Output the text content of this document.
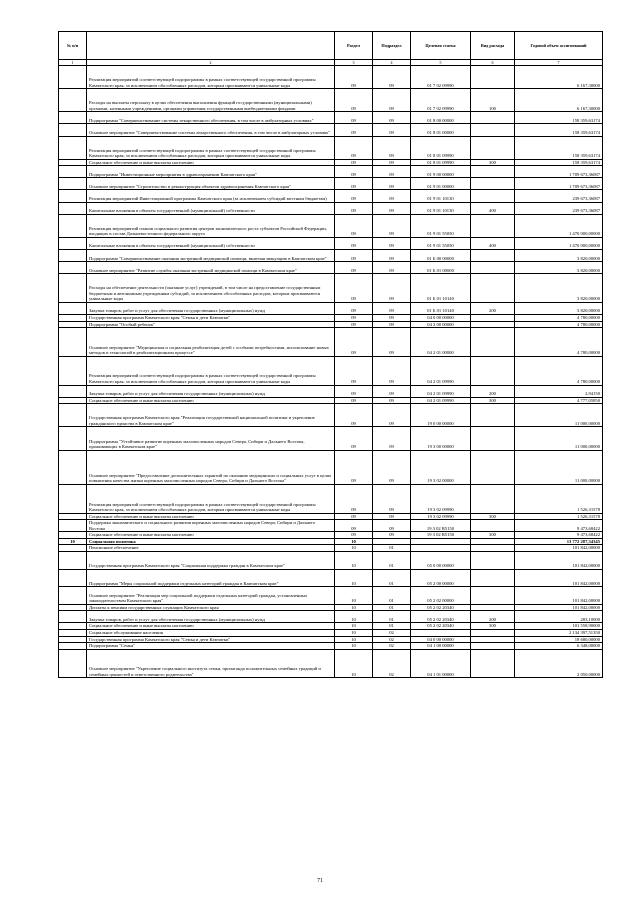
№ п/п		Раздел	Подраздел	Целевая статья	Вид расхода	Годовой объем ассигнований
1	2	3	4	5	6	7
	Реализация мероприятий соответствующей подпрограммы в рамках соответствующей государственной программы Камчатского края, за исключением обособленных расходов, которым присваиваются уникальные коды	09	09	01 7 02 09990		6 167,30000
	Расходы на выплаты персоналу в целях обеспечения выполнения функций государственными (муниципальными) органами, казенными учреждениями, органами управления государственными внебюджетными фондами	09	09	01 7 02 09990	100	6 167,30000
	Подпрограмма "Совершенствование системы лекарственного обеспечения, в том числе в амбулаторных условиях"	09	09	01 8 00 00000		158 359,63174
	Основное мероприятие "Совершенствование системы лекарственного обеспечения, в том числе в амбулаторных условиях"	09	09	01 8 01 00000		158 359,63174
	Реализация мероприятий соответствующей подпрограммы в рамках соответствующей государственной программы Камчатского края, за исключением обособленных расходов, которым присваиваются уникальные коды	09	09	01 8 01 09990		158 359,63174
	Социальное обеспечение и иные выплаты населению	09	09	01 8 01 09990	300	158 359,63174
	Подпрограмма "Инвестиционные мероприятия в здравоохранении Камчатского края"	09	09	01 9 00 00000		1 709 673,36087
	Основное мероприятие "Строительство и реконструкция объектов здравоохранения Камчатского края"	09	09	01 9 01 00000		1 709 673,36087
	Реализация мероприятий Инвестиционной программы Камчатского края (за исключением субсидий местным бюджетам)	09	09	01 9 01 10130		239 673,36087
	Капитальные вложения в объекты государственной (муниципальной) собственности	09	09	01 9 01 10130	400	239 673,36087
	Реализация мероприятий планов социального развития центров экономического роста субъектов Российской Федерации, входящих в состав Дальневосточного федерального округа	09	09	01 9 01 55050		1 470 000,00000
	Капитальные вложения в объекты государственной (муниципальной) собственности	09	09	01 9 01 55050	400	1 470 000,00000
	Подпрограмма "Совершенствование оказания экстренной медицинской помощи, включая эвакуацию в Камчатском крае"	09	09	01 Б 00 00000		3 820,00000
	Основное мероприятие "Развитие службы оказания экстренной медицинской помощи в Камчатском крае"	09	09	01 Б 01 00000		3 820,00000
	Расходы на обеспечение деятельности (оказание услуг) учреждений, в том числе на предоставление государственным бюджетным и автономным учреждениям субсидий, за исключением обособленных расходов, которым присваиваются уникальные коды	09	09	01 Б 01 10140		3 820,00000
	Закупка товаров, работ и услуг для обеспечения государственных (муниципальных) нужд	09	09	01 Б 01 10140	200	3 820,00000
	Государственная программа Камчатского края "Семья и дети Камчатки"	09	09	04 0 00 00000		4 780,00000
	Подпрограмма "Особый ребенок"	09	09	04 2 00 00000		4 780,00000
	Основное мероприятие "Медицинская и социальная реабилитация детей с особыми потребностями, использование новых методов и технологий в реабилитационном процессе"	09	09	04 2 01 00000		4 780,00000
	Реализация мероприятий соответствующей подпрограммы в рамках соответствующей государственной программы Камчатского края, за исключением обособленных расходов, которым присваиваются уникальные коды	09	09	04 2 01 09990		4 780,00000
	Закупка товаров, работ и услуг для обеспечения государственных (муниципальных) нужд	09	09	04 2 01 09990	200	2,94150
	Социальное обеспечение и иные выплаты населению	09	09	04 2 01 09990	300	4 777,05850
	Государственная программа Камчатского края "Реализация государственной национальной политики и укрепление гражданского единства в Камчатском крае"	09	09	19 0 00 00000		11 000,00000
	Подпрограмма "Устойчивое развитие коренных малочисленных народов Севера, Сибири и Дальнего Востока, проживающих в Камчатском крае"	09	09	19 3 00 00000		11 000,00000
	Основное мероприятие "Предоставление дополнительных гарантий по оказанию медицинских и социальных услуг в целях повышения качества жизни коренных малочисленных народов Севера, Сибири и Дальнего Востока"	09	09	19 3 02 00000		11 000,00000
	Реализация мероприятий соответствующей подпрограммы в рамках соответствующей государственной программы Камчатского края, за исключением обособленных расходов, которым присваиваются уникальные коды	09	09	19 3 02 09990		1 526,31578
	Социальное обеспечение и иные выплаты населению	09	09	19 3 02 09990	300	1 526,31578
	Поддержка экономического и социального развития коренных малочисленных народов Севера, Сибири и Дальнего Востока	09	09	19 3 02 R5150		9 473,68422
	Социальное обеспечение и иные выплаты населению	09	09	19 3 02 R5150	300	9 473,68422
10	Социальная политика	10				13 772 287,34345
	Пенсионное обеспечение	10	01			101 842,00000
	Государственная программа Камчатского края "Социальная поддержка граждан в Камчатском крае"	10	01	05 0 00 00000		101 842,00000
	Подпрограмма "Меры социальной поддержки отдельных категорий граждан в Камчатском крае"	10	01	05 2 00 00000		101 842,00000
	Основное мероприятие "Реализация мер социальной поддержки отдельных категорий граждан, установленных законодательством Камчатского края"	10	01	05 2 02 00000		101 842,00000
	Доплаты к пенсиям государственных служащих Камчатского края	10	01	05 2 02 20340		101 842,00000
	Закупка товаров, работ и услуг для обеспечения государственных (муниципальных) нужд	10	01	05 2 02 20340	200	283,10000
	Социальное обеспечение и иные выплаты населению	10	01	05 2 02 20340	300	101 558,90000
	Социальное обслуживание населения	10	02			2 134 397,51350
	Государственная программа Камчатского края "Семья и дети Камчатки"	10	02	04 0 00 00000		18 680,00000
	Подпрограмма "Семья"	10	02	04 1 00 00000		6 348,00000
	Основное мероприятие "Укрепление социального института семьи, пропаганда положительных семейных традиций и семейных ценностей и ответственного родительства"	10	02	04 1 01 00000		2 050,00000
71
